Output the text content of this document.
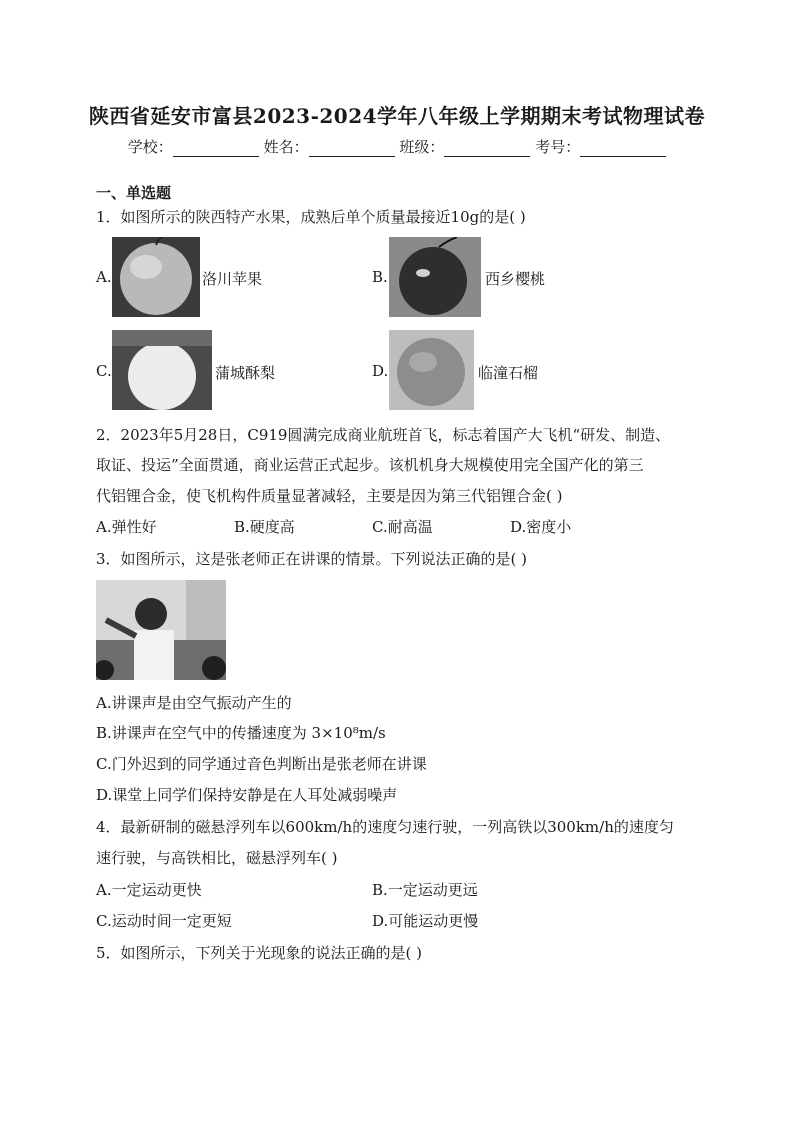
陕西省延安市富县2023-2024学年八年级上学期期末考试物理试卷
学校：	姓名：	班级：	考号：
一、单选题
1．如图所示的陕西特产水果，成熟后单个质量最接近10g的是( )
A.	洛川苹果	B.	西乡樱桃
C.	蒲城酥梨	D.	临潼石榴
2．2023年5月28日，C919圆满完成商业航班首飞，标志着国产大飞机“研发、制造、
取证、投运”全面贯通，商业运营正式起步。该机机身大规模使用完全国产化的第三
代铝锂合金，使飞机构件质量显著减轻，主要是因为第三代铝锂合金( )
A.弹性好	B.硬度高	C.耐高温	D.密度小
3．如图所示，这是张老师正在讲课的情景。下列说法正确的是( )
A.讲课声是由空气振动产生的
B.讲课声在空气中的传播速度为 3×10⁸m/s
C.门外迟到的同学通过音色判断出是张老师在讲课
D.课堂上同学们保持安静是在人耳处减弱噪声
4．最新研制的磁悬浮列车以600km/h的速度匀速行驶，一列高铁以300km/h的速度匀
速行驶，与高铁相比，磁悬浮列车( )
A.一定运动更快	B.一定运动更远
C.运动时间一定更短	D.可能运动更慢
5．如图所示，下列关于光现象的说法正确的是( )
